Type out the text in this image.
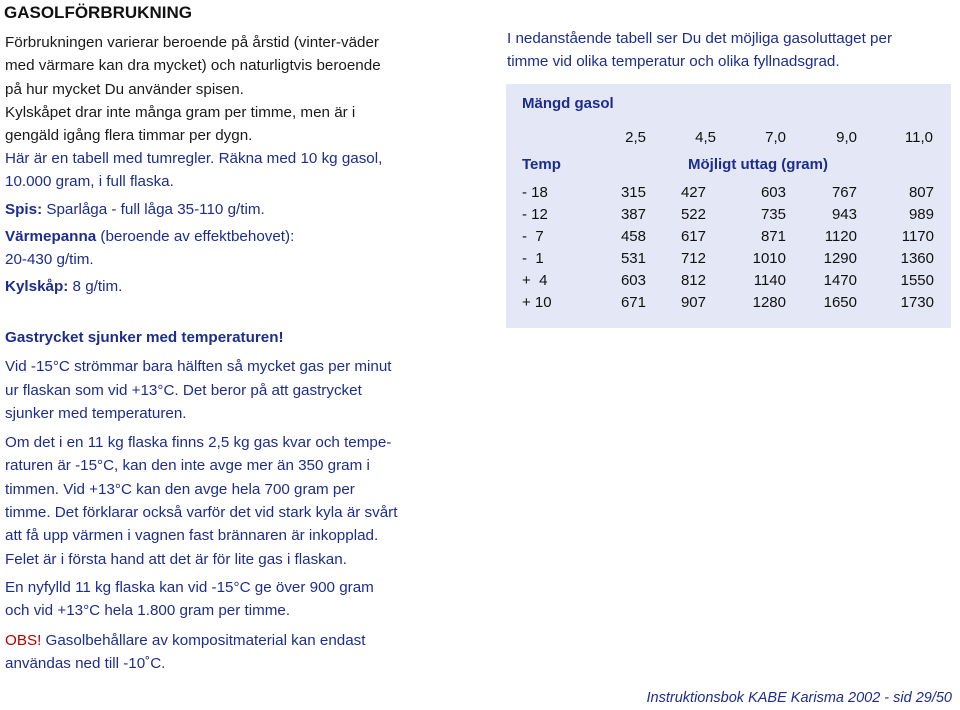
GASOLFÖRBRUKNING
Förbrukningen varierar beroende på årstid (vinter-väder
med värmare kan dra mycket) och naturligtvis beroende
på hur mycket Du använder spisen.
Kylskåpet drar inte många gram per timme, men är i
gengäld igång flera timmar per dygn.
Här är en tabell med tumregler. Räkna med 10 kg gasol,
10.000 gram, i full flaska.
Spis: Sparlåga - full låga 35-110 g/tim.
Värmepanna (beroende av effektbehovet):
20-430 g/tim.
Kylskåp: 8 g/tim.
Gastrycket sjunker med temperaturen!
Vid -15°C strömmar bara hälften så mycket gas per minut
ur flaskan som vid +13°C. Det beror på att gastrycket
sjunker med temperaturen.
Om det i en 11 kg flaska finns 2,5 kg gas kvar och tempe-
raturen är -15°C, kan den inte avge mer än 350 gram i
timmen. Vid +13°C kan den avge hela 700 gram per
timme. Det förklarar också varför det vid stark kyla är svårt
att få upp värmen i vagnen fast brännaren är inkopplad.
Felet är i första hand att det är för lite gas i flaskan.
En nyfylld 11 kg flaska kan vid -15°C ge över 900 gram
och vid +13°C hela 1.800 gram per timme.
OBS! Gasolbehållare av kompositmaterial kan endast
användas ned till -10˚C.
I nedanstående tabell ser Du det möjliga gasoluttaget per
timme vid olika temperatur och olika fyllnadsgrad.
Mängd gasol
2,5	4,5	7,0	9,0	11,0
Temp	Möjligt uttag (gram)
- 18	315	427	603	767	807
- 12	387	522	735	943	989
-  7	458	617	871	1120	1170
-  1	531	712	1010	1290	1360
+  4	603	812	1140	1470	1550
+ 10	671	907	1280	1650	1730
Instruktionsbok KABE Karisma 2002 - sid 29/50
